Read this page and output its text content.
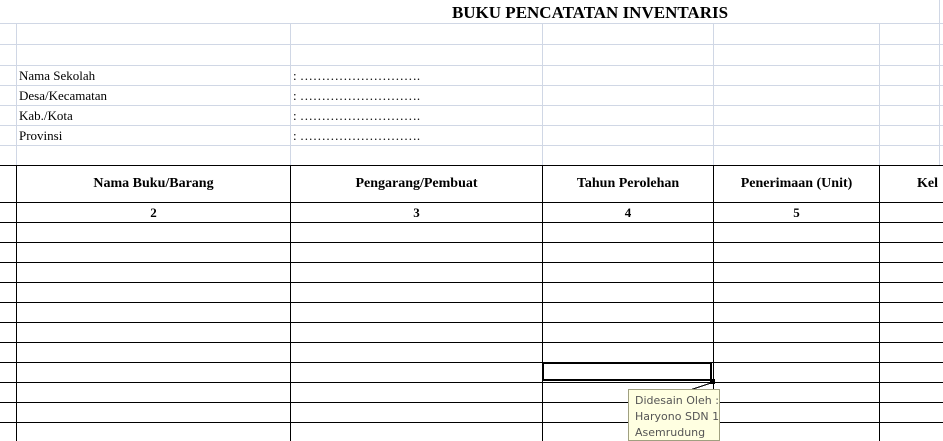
BUKU PENCATATAN INVENTARIS
Nama Sekolah	: ……………………….
Desa/Kecamatan	: ……………………….
Kab./Kota	: ……………………….
Provinsi	: ……………………….
Nama Buku/Barang	Pengarang/Pembuat	Tahun Perolehan	Penerimaan (Unit)	Kel
2	3	4	5
Didesain Oleh :
Haryono SDN 1
Asemrudung
